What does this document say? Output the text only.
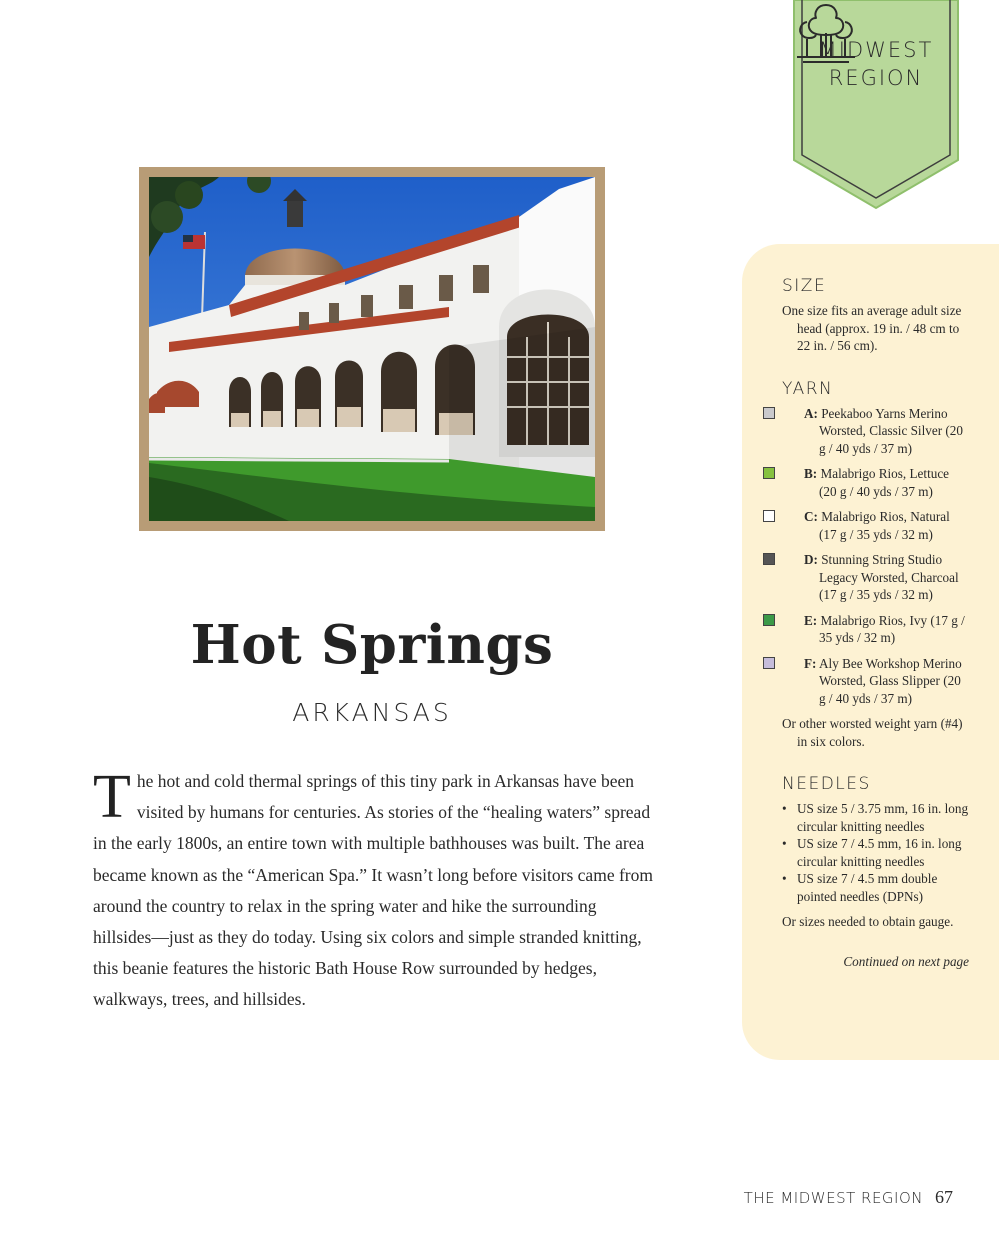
MIDWEST
REGION
Hot Springs
ARKANSAS

The hot and cold thermal springs of this tiny park in Arkansas have been visited by humans for centuries. As stories of the “healing waters” spread in the early 1800s, an entire town with multiple bathhouses was built. The area became known as the “American Spa.” It wasn’t long before visitors came from around the country to relax in the spring water and hike the surrounding hillsides—just as they do today. Using six colors and simple stranded knitting, this beanie features the historic Bath House Row surrounded by hedges, walkways, trees, and hillsides.

SIZE

One size fits an average adult size head (approx. 19 in. / 48 cm to 22 in. / 56 cm).

YARN
A: Peekaboo Yarns Merino Worsted, Classic Silver (20 g / 40 yds / 37 m)
B: Malabrigo Rios, Lettuce (20 g / 40 yds / 37 m)
C: Malabrigo Rios, Natural (17 g / 35 yds / 32 m)
D: Stunning String Studio Legacy Worsted, Charcoal (17 g / 35 yds / 32 m)
E: Malabrigo Rios, Ivy (17 g / 35 yds / 32 m)
F: Aly Bee Workshop Merino Worsted, Glass Slipper (20 g / 40 yds / 37 m)

Or other worsted weight yarn (#4) in six colors.

NEEDLES
• US size 5 / 3.75 mm, 16 in. long circular knitting needles
• US size 7 / 4.5 mm, 16 in. long circular knitting needles
• US size 7 / 4.5 mm double pointed needles (DPNs)

Or sizes needed to obtain gauge.

Continued on next page
THE MIDWEST REGION 67
